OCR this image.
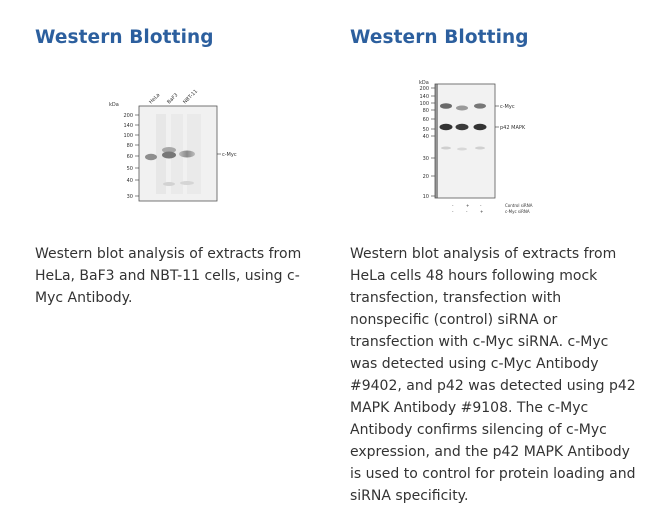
Western Blotting
kDa
200
140
100
80
60
50
40
30
HeLa BaF3 NBT-11
c-Myc

Western blot analysis of extracts from HeLa, BaF3 and NBT-11 cells, using c-Myc Antibody.

Western Blotting
kDa
200
140
100
80
60
50
40
30
20
10
c-Myc
p42 MAPK
-	+	-	Control siRNA
-	-	+	c-Myc siRNA

Western blot analysis of extracts from HeLa cells 48 hours following mock transfection, transfection with nonspecific (control) siRNA or transfection with c-Myc siRNA. c-Myc was detected using c-Myc Antibody #9402, and p42 was detected using p42 MAPK Antibody #9108. The c-Myc Antibody confirms silencing of c-Myc expression, and the p42 MAPK Antibody is used to control for protein loading and siRNA specificity.
